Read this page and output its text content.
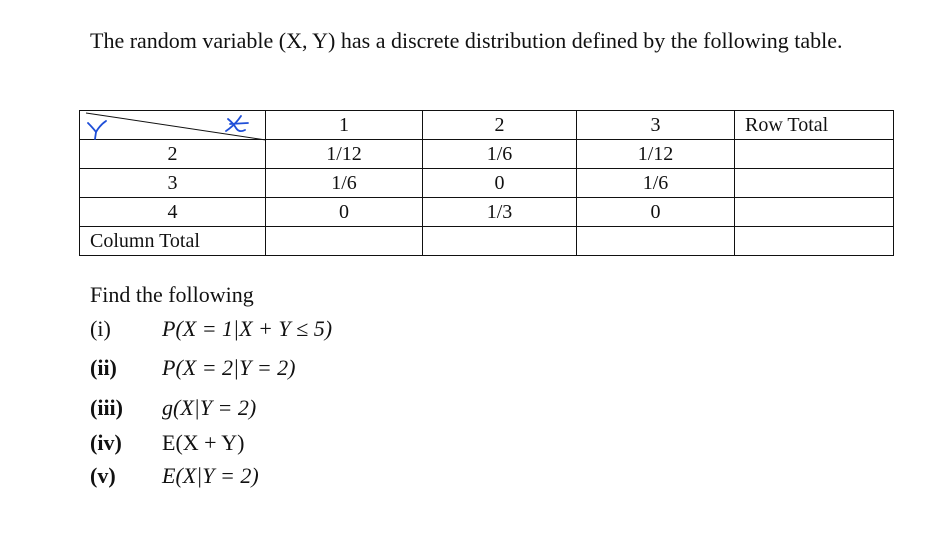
The random variable (X, Y) has a discrete distribution defined by the following table.

	1	2	3	Row Total
2	1/12	1/6	1/12	
3	1/6	0	1/6	
4	0	1/3	0	
Column Total				

Find the following

(i) P(X = 1|X + Y ≤ 5)
(ii) P(X = 2|Y = 2)
(iii) g(X|Y = 2)
(iv) E(X + Y)
(v) E(X|Y = 2)
